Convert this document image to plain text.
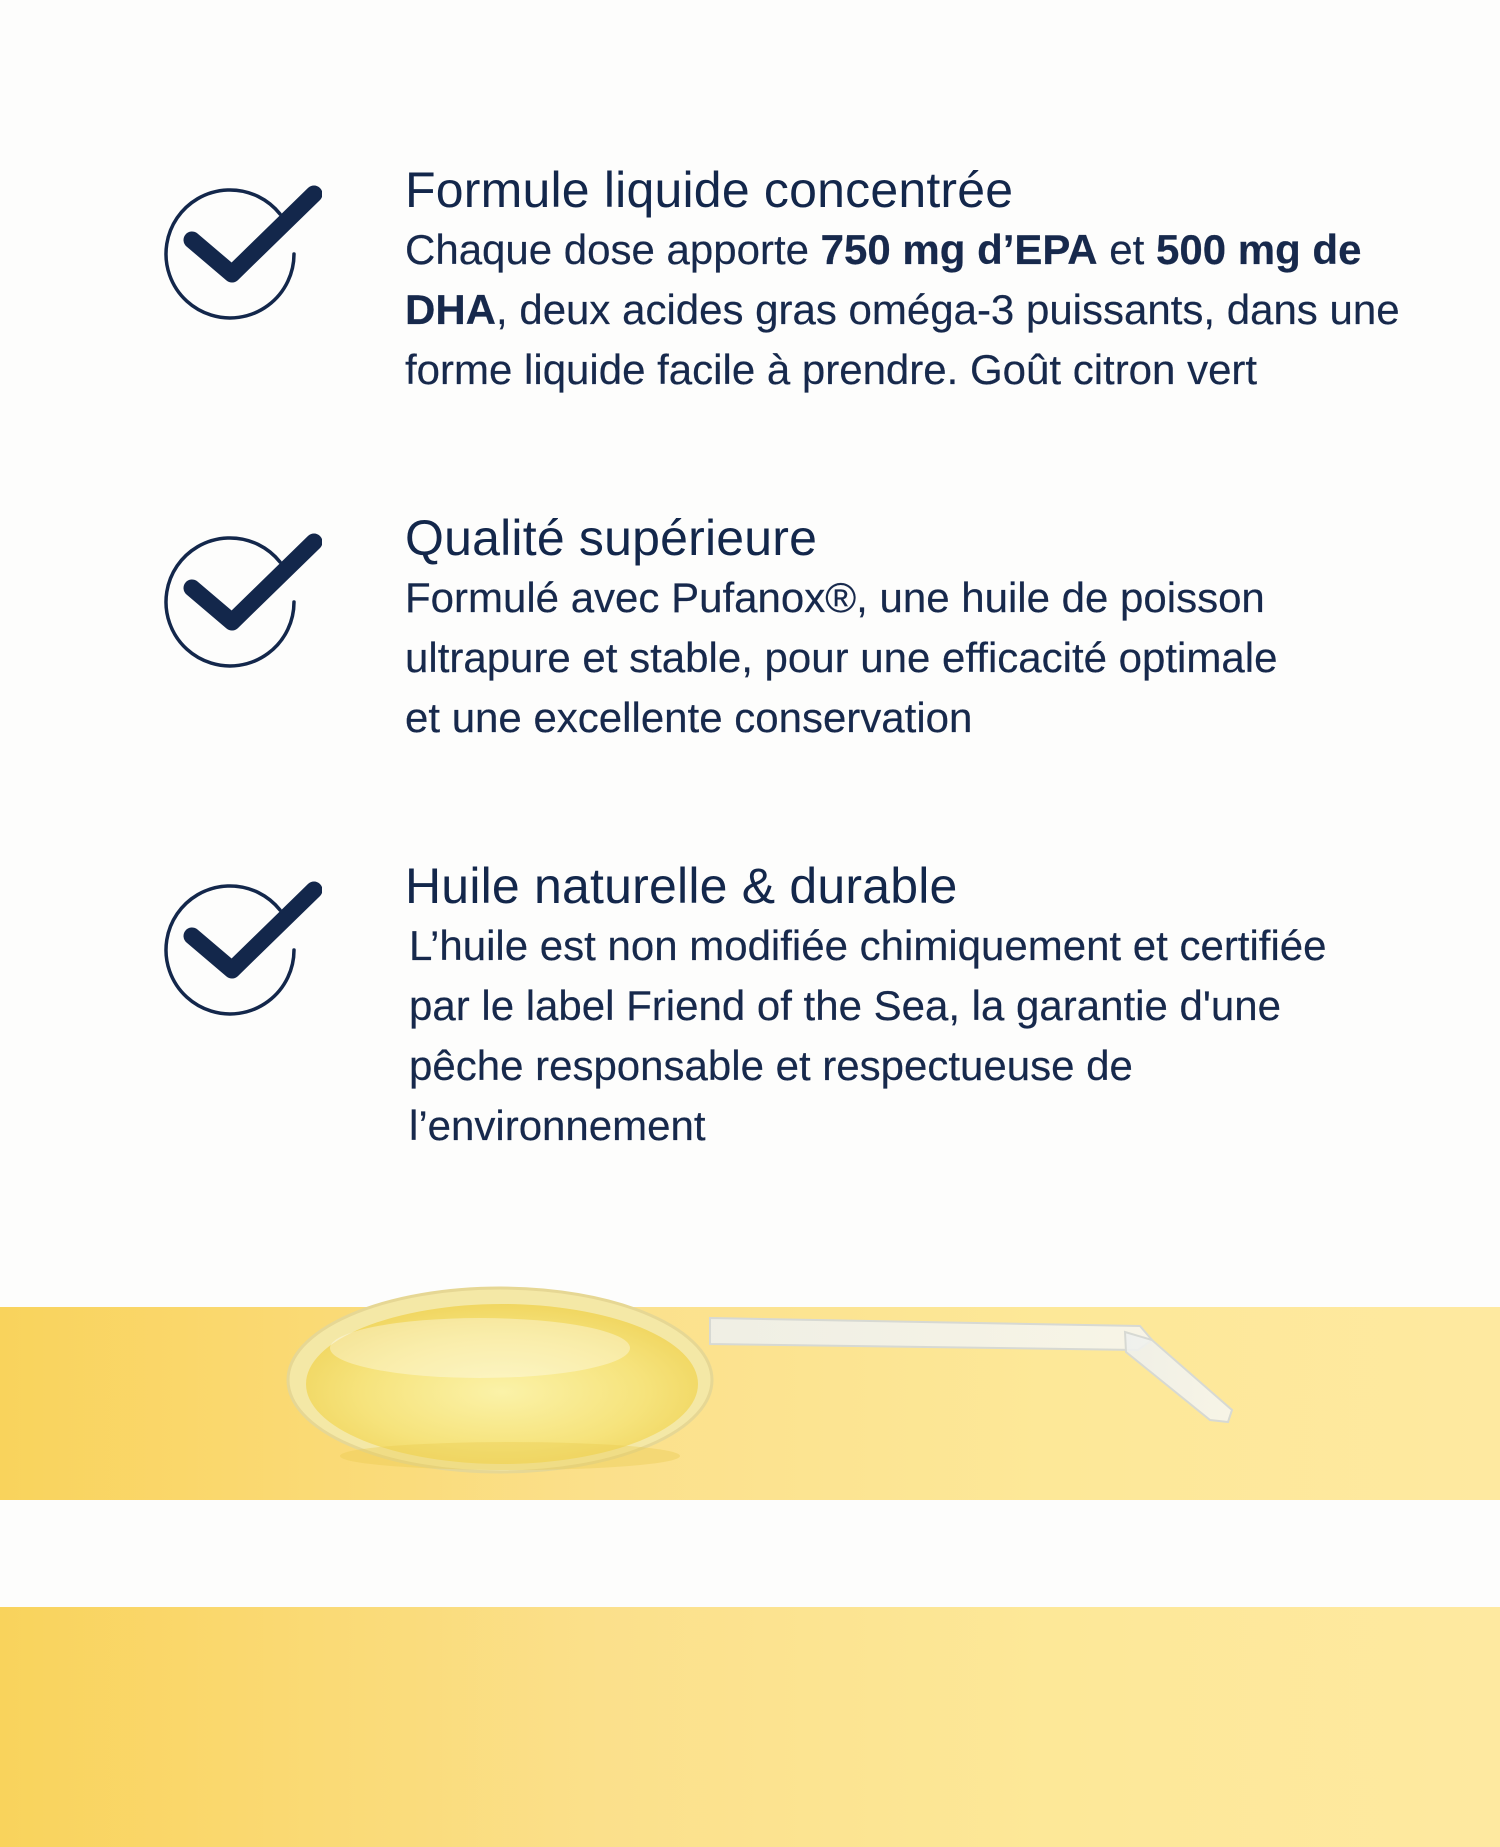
Formule liquide concentrée

Chaque dose apporte 750 mg d’EPA et 500 mg de DHA, deux acides gras oméga-3 puissants, dans une forme liquide facile à prendre. Goût citron vert

Qualité supérieure

Formulé avec Pufanox®, une huile de poisson ultrapure et stable, pour une efficacité optimale et une excellente conservation

Huile naturelle & durable

L’huile est non modifiée chimiquement et certifiée par le label Friend of the Sea, la garantie d'une pêche responsable et respectueuse de l’environnement
